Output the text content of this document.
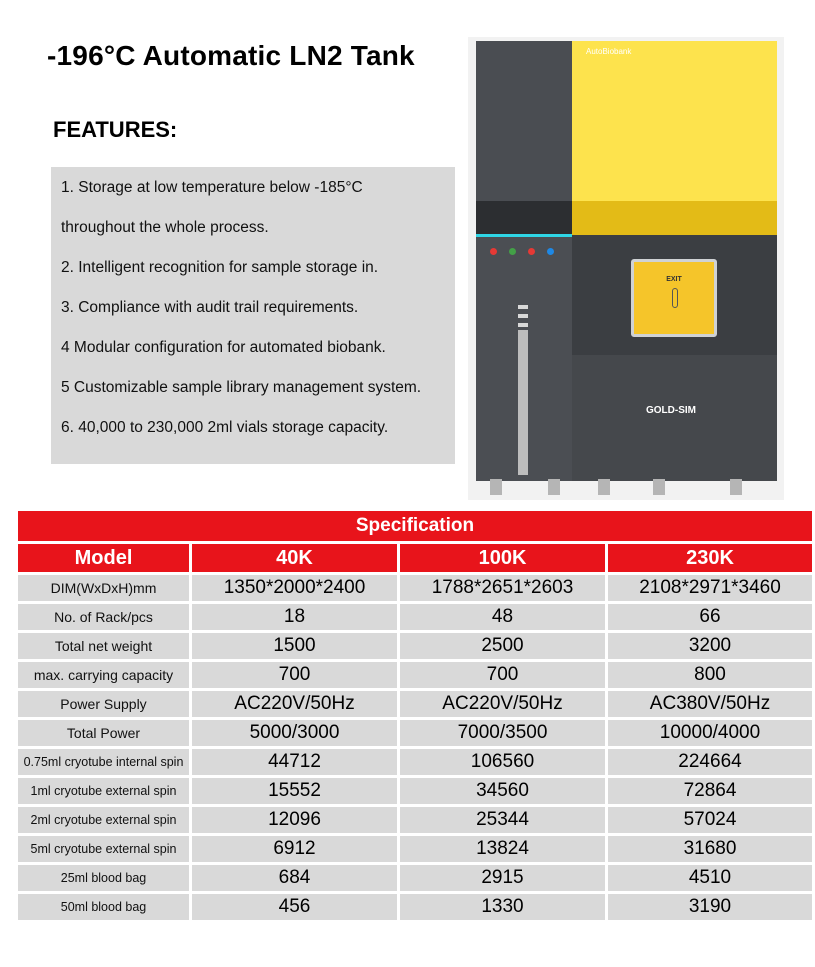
-196°C Automatic LN2 Tank
FEATURES:
1. Storage at low temperature below -185°C
throughout the whole process.
2. Intelligent recognition for sample storage in.
3. Compliance with audit trail requirements.
4 Modular configuration for automated biobank.
5 Customizable sample library management system.
6. 40,000 to 230,000 2ml vials storage capacity.
AutoBiobank
EXIT
GOLD-SIM
Specification			
Model	40K	100K	230K
DIM(WxDxH)mm	1350*2000*2400	1788*2651*2603	2108*2971*3460
No. of Rack/pcs	18	48	66
Total net weight	1500	2500	3200
max. carrying capacity	700	700	800
Power Supply	AC220V/50Hz	AC220V/50Hz	AC380V/50Hz
Total Power	5000/3000	7000/3500	10000/4000
0.75ml cryotube internal spin	44712	106560	224664
1ml cryotube external spin	15552	34560	72864
2ml cryotube external spin	12096	25344	57024
5ml cryotube external spin	6912	13824	31680
25ml blood bag	684	2915	4510
50ml blood bag	456	1330	3190
